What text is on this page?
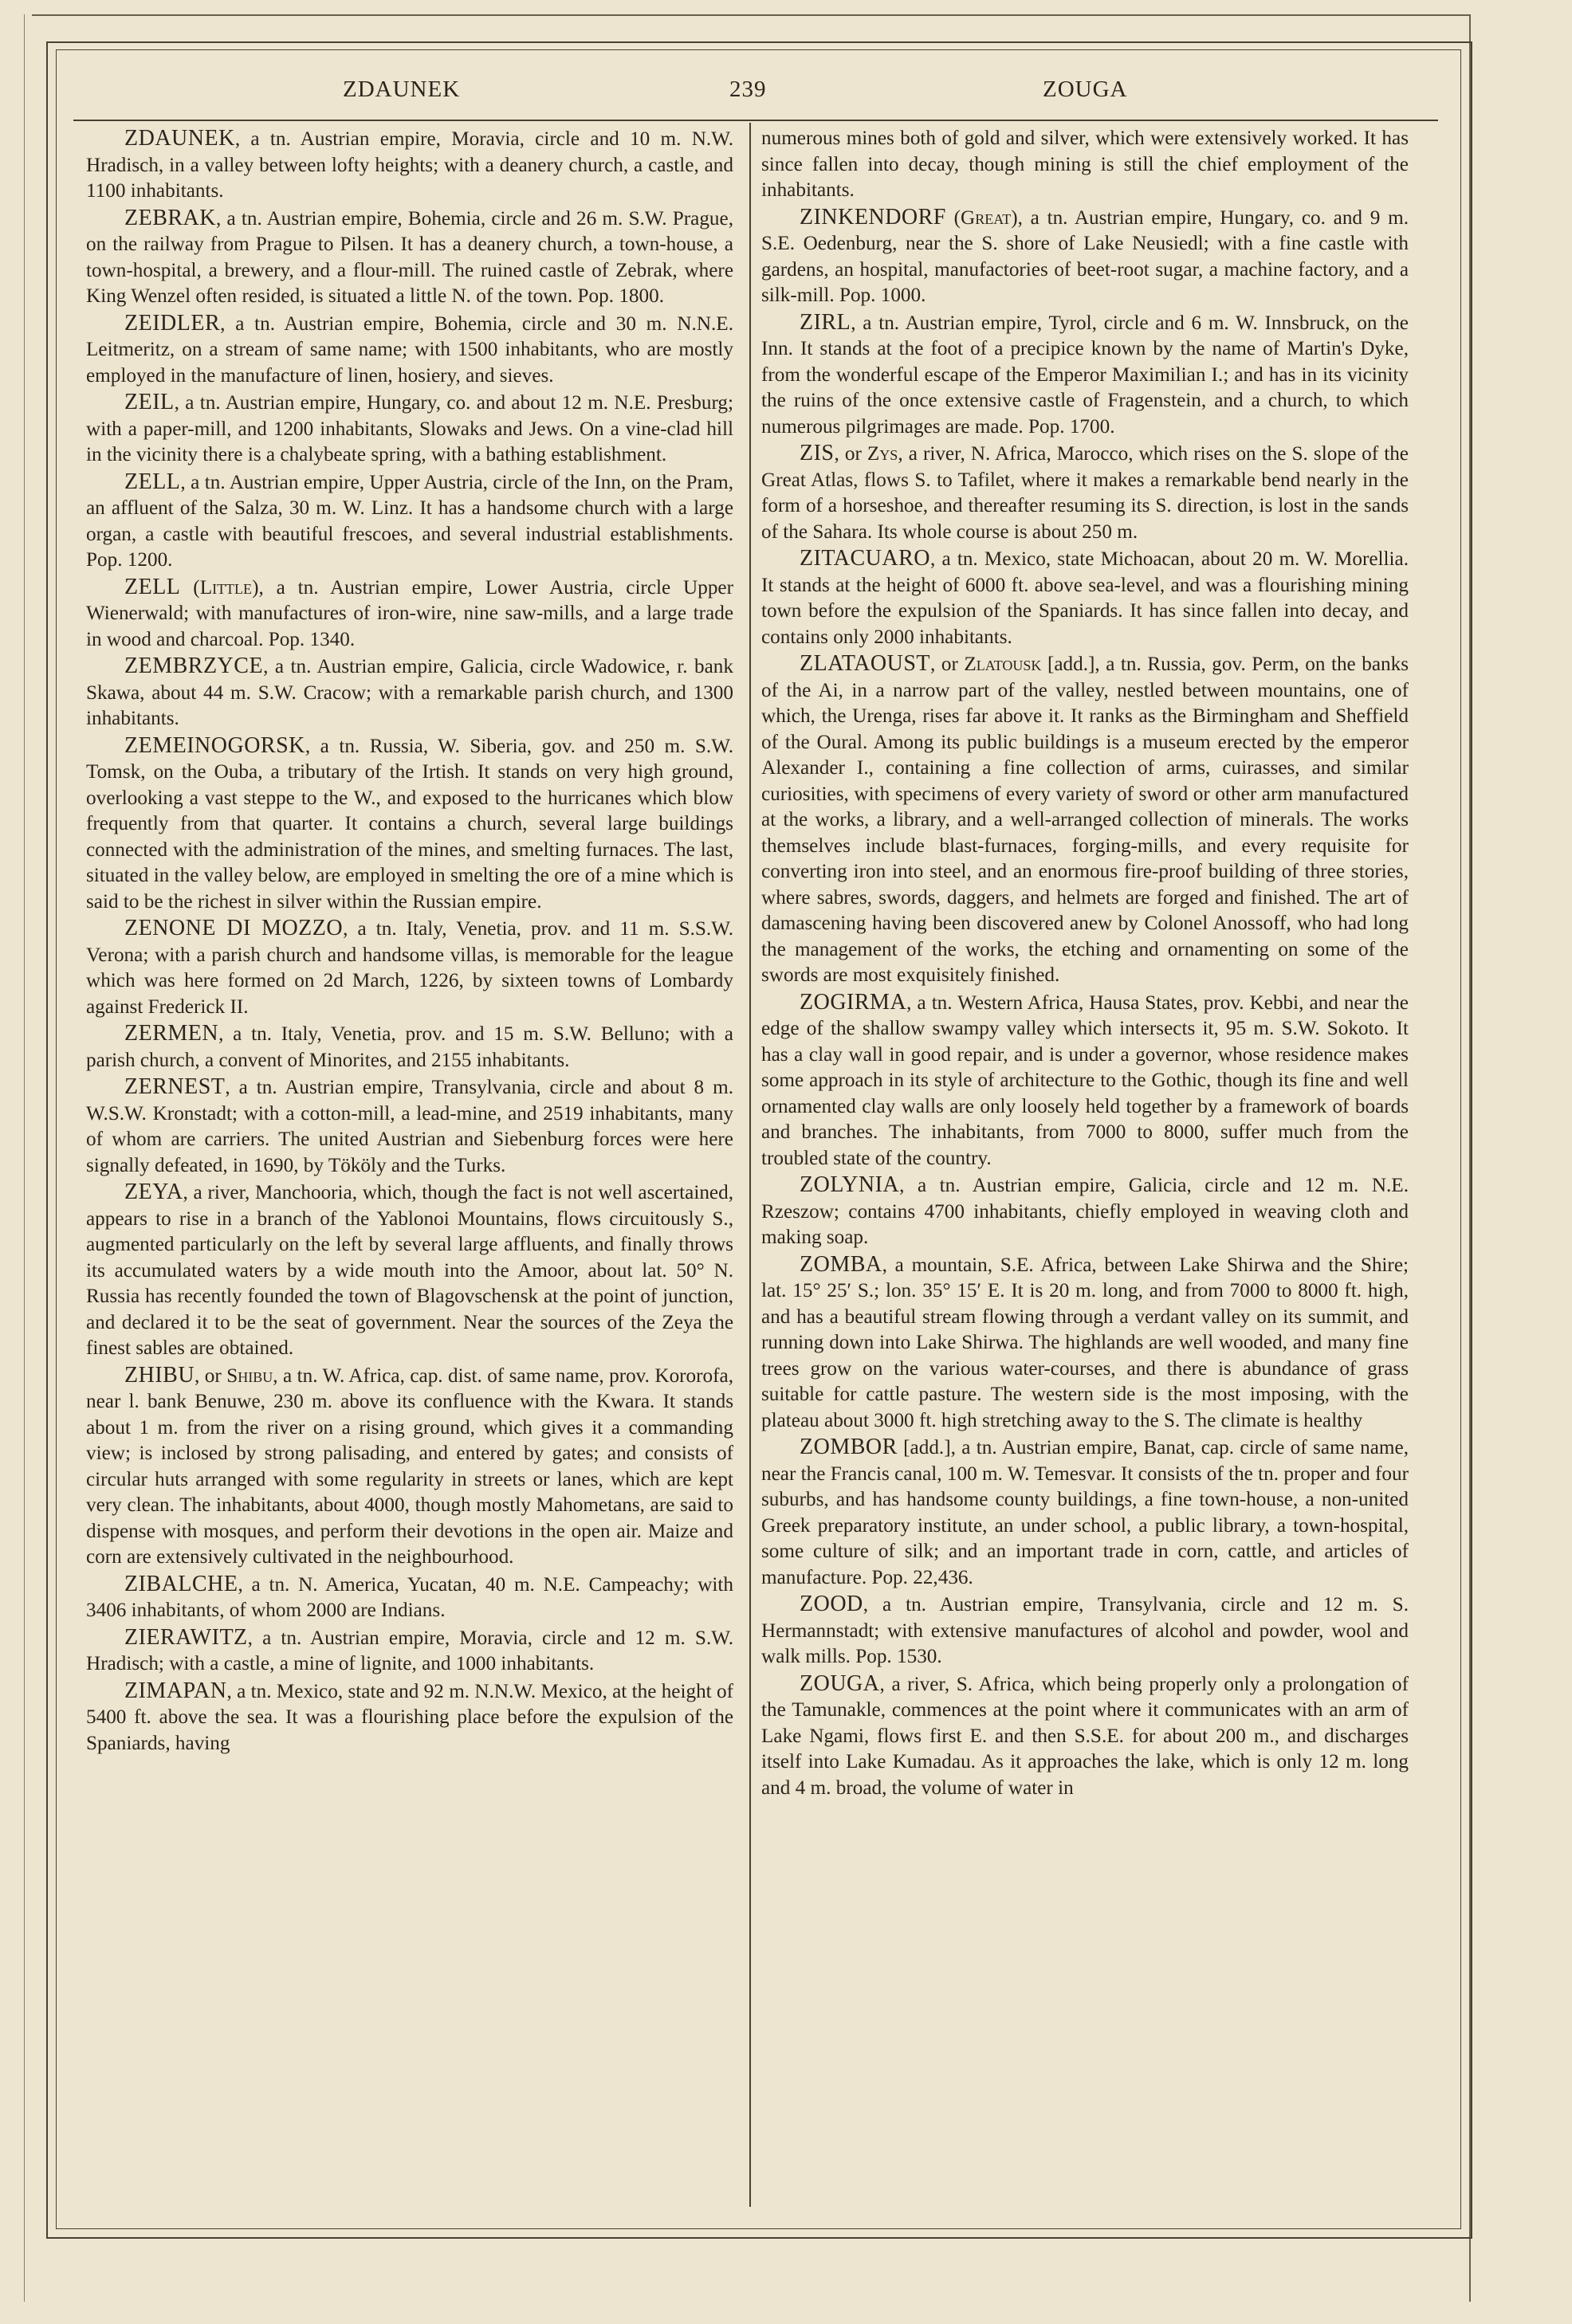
ZDAUNEK	239	ZOUGA

ZDAUNEK, a tn. Austrian empire, Moravia, circle and 10 m. N.W. Hradisch, in a valley between lofty heights; with a deanery church, a castle, and 1100 inhabitants.

ZEBRAK, a tn. Austrian empire, Bohemia, circle and 26 m. S.W. Prague, on the railway from Prague to Pilsen. It has a deanery church, a town-house, a town-hospital, a brewery, and a flour-mill. The ruined castle of Zebrak, where King Wenzel often resided, is situated a little N. of the town. Pop. 1800.

ZEIDLER, a tn. Austrian empire, Bohemia, circle and 30 m. N.N.E. Leitmeritz, on a stream of same name; with 1500 inhabitants, who are mostly employed in the manufacture of linen, hosiery, and sieves.

ZEIL, a tn. Austrian empire, Hungary, co. and about 12 m. N.E. Presburg; with a paper-mill, and 1200 inhabitants, Slowaks and Jews. On a vine-clad hill in the vicinity there is a chalybeate spring, with a bathing establishment.

ZELL, a tn. Austrian empire, Upper Austria, circle of the Inn, on the Pram, an affluent of the Salza, 30 m. W. Linz. It has a handsome church with a large organ, a castle with beautiful frescoes, and several industrial establishments. Pop. 1200.

ZELL (Little), a tn. Austrian empire, Lower Austria, circle Upper Wienerwald; with manufactures of iron-wire, nine saw-mills, and a large trade in wood and charcoal. Pop. 1340.

ZEMBRZYCE, a tn. Austrian empire, Galicia, circle Wadowice, r. bank Skawa, about 44 m. S.W. Cracow; with a remarkable parish church, and 1300 inhabitants.

ZEMEINOGORSK, a tn. Russia, W. Siberia, gov. and 250 m. S.W. Tomsk, on the Ouba, a tributary of the Irtish. It stands on very high ground, overlooking a vast steppe to the W., and exposed to the hurricanes which blow frequently from that quarter. It contains a church, several large buildings connected with the administration of the mines, and smelting furnaces. The last, situated in the valley below, are employed in smelting the ore of a mine which is said to be the richest in silver within the Russian empire.

ZENONE DI MOZZO, a tn. Italy, Venetia, prov. and 11 m. S.S.W. Verona; with a parish church and handsome villas, is memorable for the league which was here formed on 2d March, 1226, by sixteen towns of Lombardy against Frederick II.

ZERMEN, a tn. Italy, Venetia, prov. and 15 m. S.W. Belluno; with a parish church, a convent of Minorites, and 2155 inhabitants.

ZERNEST, a tn. Austrian empire, Transylvania, circle and about 8 m. W.S.W. Kronstadt; with a cotton-mill, a lead-mine, and 2519 inhabitants, many of whom are carriers. The united Austrian and Siebenburg forces were here signally defeated, in 1690, by Tököly and the Turks.

ZEYA, a river, Manchooria, which, though the fact is not well ascertained, appears to rise in a branch of the Yablonoi Mountains, flows circuitously S., augmented particularly on the left by several large affluents, and finally throws its accumulated waters by a wide mouth into the Amoor, about lat. 50° N. Russia has recently founded the town of Blagovschensk at the point of junction, and declared it to be the seat of government. Near the sources of the Zeya the finest sables are obtained.

ZHIBU, or Shibu, a tn. W. Africa, cap. dist. of same name, prov. Kororofa, near l. bank Benuwe, 230 m. above its confluence with the Kwara. It stands about 1 m. from the river on a rising ground, which gives it a commanding view; is inclosed by strong palisading, and entered by gates; and consists of circular huts arranged with some regularity in streets or lanes, which are kept very clean. The inhabitants, about 4000, though mostly Mahometans, are said to dispense with mosques, and perform their devotions in the open air. Maize and corn are extensively cultivated in the neighbourhood.

ZIBALCHE, a tn. N. America, Yucatan, 40 m. N.E. Campeachy; with 3406 inhabitants, of whom 2000 are Indians.

ZIERAWITZ, a tn. Austrian empire, Moravia, circle and 12 m. S.W. Hradisch; with a castle, a mine of lignite, and 1000 inhabitants.

ZIMAPAN, a tn. Mexico, state and 92 m. N.N.W. Mexico, at the height of 5400 ft. above the sea. It was a flourishing place before the expulsion of the Spaniards, having

numerous mines both of gold and silver, which were extensively worked. It has since fallen into decay, though mining is still the chief employment of the inhabitants.

ZINKENDORF (Great), a tn. Austrian empire, Hungary, co. and 9 m. S.E. Oedenburg, near the S. shore of Lake Neusiedl; with a fine castle with gardens, an hospital, manufactories of beet-root sugar, a machine factory, and a silk-mill. Pop. 1000.

ZIRL, a tn. Austrian empire, Tyrol, circle and 6 m. W. Innsbruck, on the Inn. It stands at the foot of a precipice known by the name of Martin's Dyke, from the wonderful escape of the Emperor Maximilian I.; and has in its vicinity the ruins of the once extensive castle of Fragenstein, and a church, to which numerous pilgrimages are made. Pop. 1700.

ZIS, or Zys, a river, N. Africa, Marocco, which rises on the S. slope of the Great Atlas, flows S. to Tafilet, where it makes a remarkable bend nearly in the form of a horseshoe, and thereafter resuming its S. direction, is lost in the sands of the Sahara. Its whole course is about 250 m.

ZITACUARO, a tn. Mexico, state Michoacan, about 20 m. W. Morellia. It stands at the height of 6000 ft. above sea-level, and was a flourishing mining town before the expulsion of the Spaniards. It has since fallen into decay, and contains only 2000 inhabitants.

ZLATAOUST, or Zlatousk [add.], a tn. Russia, gov. Perm, on the banks of the Ai, in a narrow part of the valley, nestled between mountains, one of which, the Urenga, rises far above it. It ranks as the Birmingham and Sheffield of the Oural. Among its public buildings is a museum erected by the emperor Alexander I., containing a fine collection of arms, cuirasses, and similar curiosities, with specimens of every variety of sword or other arm manufactured at the works, a library, and a well-arranged collection of minerals. The works themselves include blast-furnaces, forging-mills, and every requisite for converting iron into steel, and an enormous fire-proof building of three stories, where sabres, swords, daggers, and helmets are forged and finished. The art of damascening having been discovered anew by Colonel Anossoff, who had long the management of the works, the etching and ornamenting on some of the swords are most exquisitely finished.

ZOGIRMA, a tn. Western Africa, Hausa States, prov. Kebbi, and near the edge of the shallow swampy valley which intersects it, 95 m. S.W. Sokoto. It has a clay wall in good repair, and is under a governor, whose residence makes some approach in its style of architecture to the Gothic, though its fine and well ornamented clay walls are only loosely held together by a framework of boards and branches. The inhabitants, from 7000 to 8000, suffer much from the troubled state of the country.

ZOLYNIA, a tn. Austrian empire, Galicia, circle and 12 m. N.E. Rzeszow; contains 4700 inhabitants, chiefly employed in weaving cloth and making soap.

ZOMBA, a mountain, S.E. Africa, between Lake Shirwa and the Shire; lat. 15° 25′ S.; lon. 35° 15′ E. It is 20 m. long, and from 7000 to 8000 ft. high, and has a beautiful stream flowing through a verdant valley on its summit, and running down into Lake Shirwa. The highlands are well wooded, and many fine trees grow on the various water-courses, and there is abundance of grass suitable for cattle pasture. The western side is the most imposing, with the plateau about 3000 ft. high stretching away to the S. The climate is healthy

ZOMBOR [add.], a tn. Austrian empire, Banat, cap. circle of same name, near the Francis canal, 100 m. W. Temesvar. It consists of the tn. proper and four suburbs, and has handsome county buildings, a fine town-house, a non-united Greek preparatory institute, an under school, a public library, a town-hospital, some culture of silk; and an important trade in corn, cattle, and articles of manufacture. Pop. 22,436.

ZOOD, a tn. Austrian empire, Transylvania, circle and 12 m. S. Hermannstadt; with extensive manufactures of alcohol and powder, wool and walk mills. Pop. 1530.

ZOUGA, a river, S. Africa, which being properly only a prolongation of the Tamunakle, commences at the point where it communicates with an arm of Lake Ngami, flows first E. and then S.S.E. for about 200 m., and discharges itself into Lake Kumadau. As it approaches the lake, which is only 12 m. long and 4 m. broad, the volume of water in
